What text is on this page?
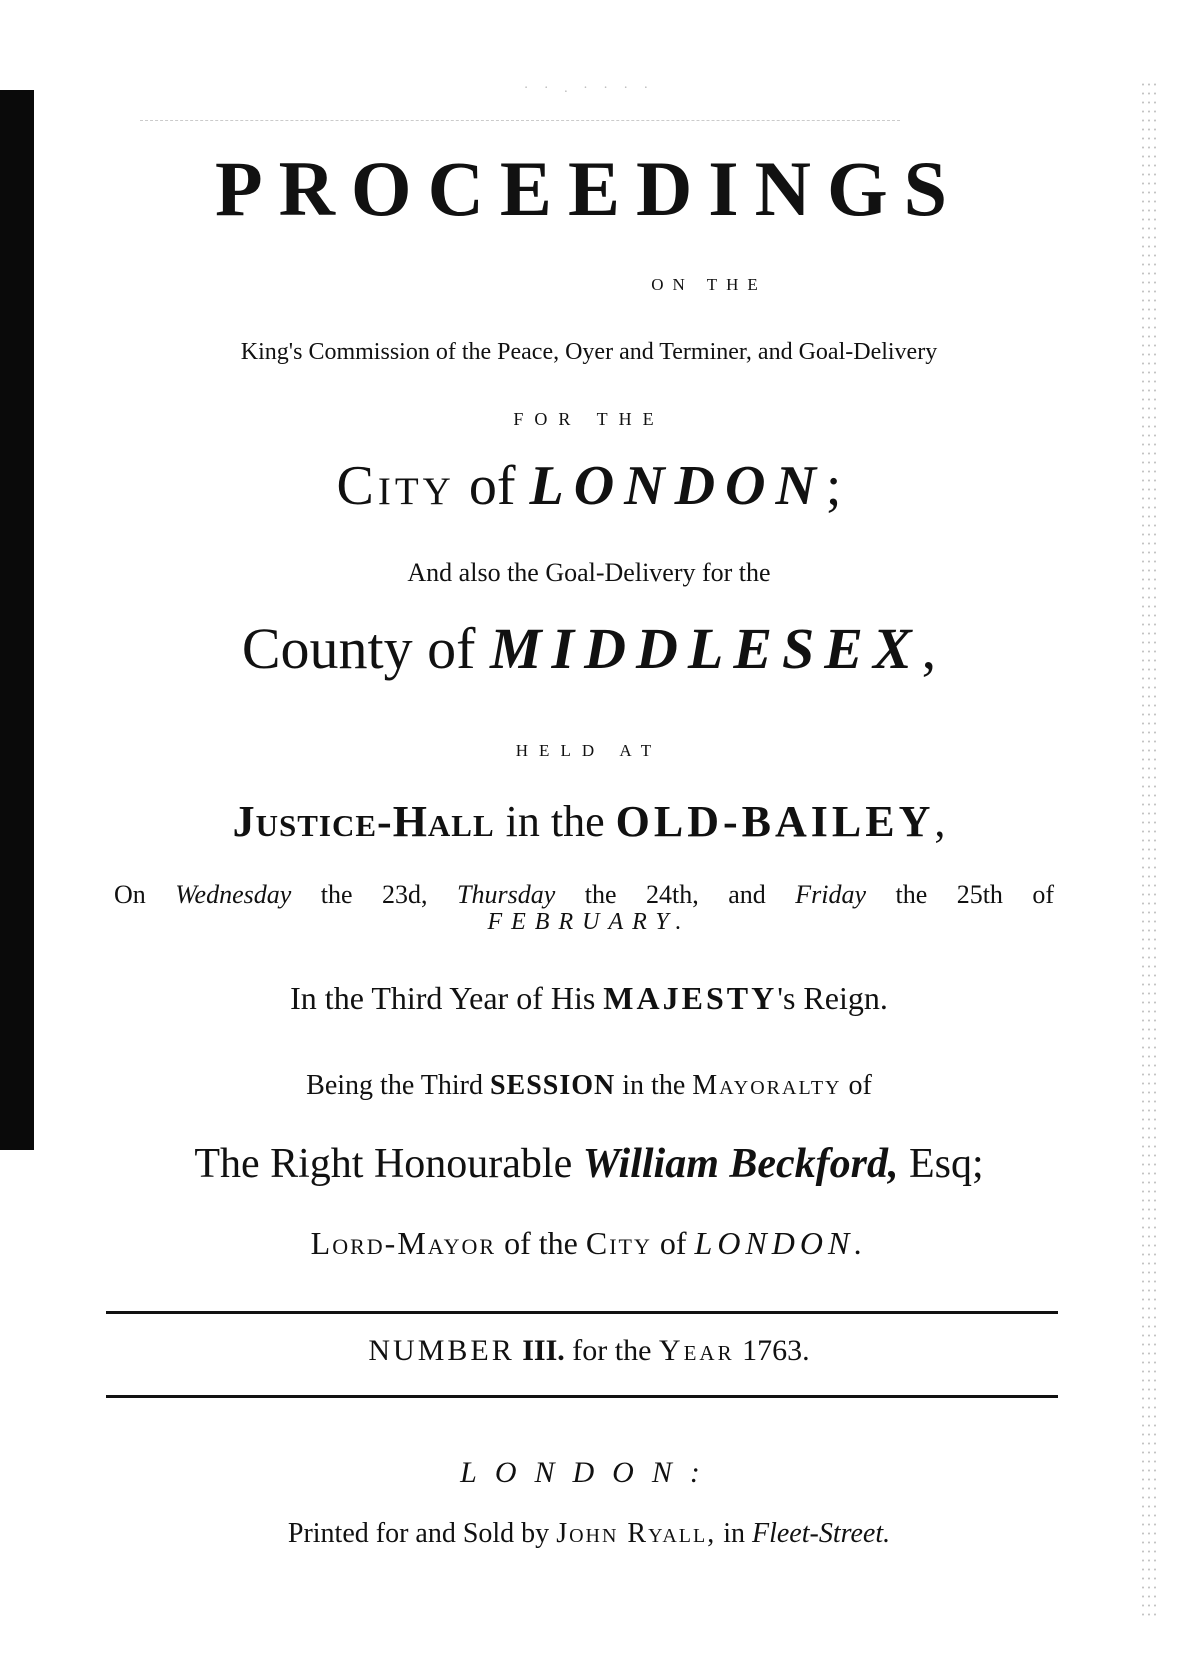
· · . · · · ·
PROCEEDINGS
ON THE
King's Commission of the Peace, Oyer and Terminer, and Goal-Delivery
FOR THE
City of LONDON;
And also the Goal-Delivery for the
County of MIDDLESEX,
HELD AT
Justice-Hall in the OLD-BAILEY,
On Wednesday the 23d, Thursday the 24th, and Friday the 25th of
FEBRUARY.
In the Third Year of His MAJESTY's Reign.
Being the Third SESSION in the Mayoralty of
The Right Honourable William Beckford, Esq;
Lord-Mayor of the City of LONDON.
NUMBER III. for the Year 1763.
LONDON:
Printed for and Sold by John Ryall, in Fleet-Street.
